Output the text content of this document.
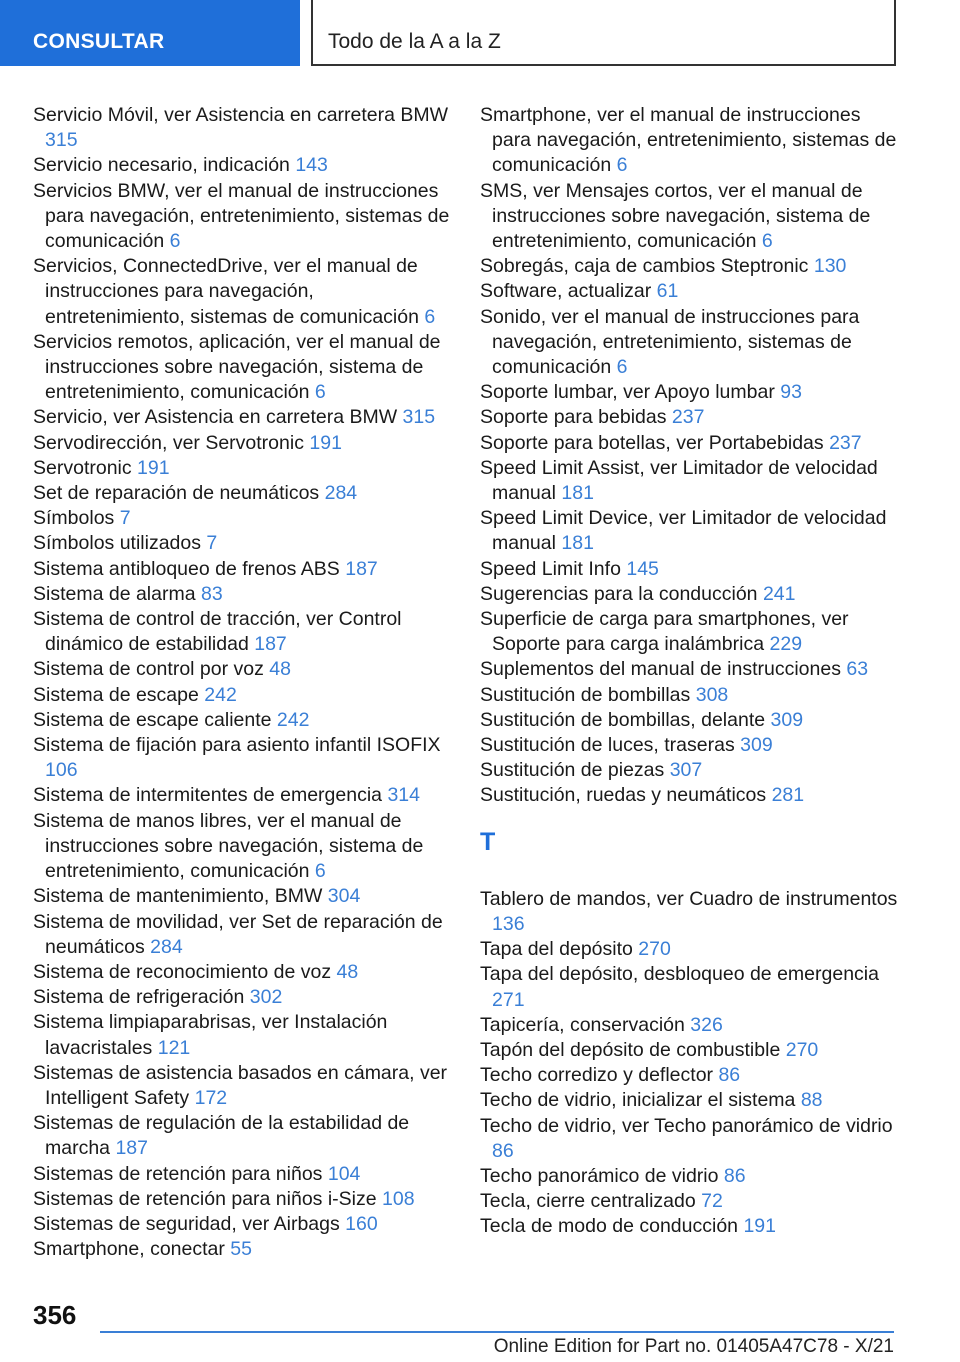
CONSULTAR	Todo de la A a la Z
Servicio Móvil, ver Asistencia en carretera BMW 315
Servicio necesario, indicación 143
Servicios BMW, ver el manual de instrucciones para navegación, entretenimiento, sistemas de comunicación 6
Servicios, ConnectedDrive, ver el manual de instrucciones para navegación, entretenimiento, sistemas de comunicación 6
Servicios remotos, aplicación, ver el manual de instrucciones sobre navegación, sistema de entretenimiento, comunicación 6
Servicio, ver Asistencia en carretera BMW 315
Servodirección, ver Servotronic 191
Servotronic 191
Set de reparación de neumáticos 284
Símbolos 7
Símbolos utilizados 7
Sistema antibloqueo de frenos ABS 187
Sistema de alarma 83
Sistema de control de tracción, ver Control dinámico de estabilidad 187
Sistema de control por voz 48
Sistema de escape 242
Sistema de escape caliente 242
Sistema de fijación para asiento infantil ISOFIX 106
Sistema de intermitentes de emergencia 314
Sistema de manos libres, ver el manual de instrucciones sobre navegación, sistema de entretenimiento, comunicación 6
Sistema de mantenimiento, BMW 304
Sistema de movilidad, ver Set de reparación de neumáticos 284
Sistema de reconocimiento de voz 48
Sistema de refrigeración 302
Sistema limpiaparabrisas, ver Instalación lavacristales 121
Sistemas de asistencia basados en cámara, ver Intelligent Safety 172
Sistemas de regulación de la estabilidad de marcha 187
Sistemas de retención para niños 104
Sistemas de retención para niños i-Size 108
Sistemas de seguridad, ver Airbags 160
Smartphone, conectar 55
Smartphone, ver el manual de instrucciones para navegación, entretenimiento, sistemas de comunicación 6
SMS, ver Mensajes cortos, ver el manual de instrucciones sobre navegación, sistema de entretenimiento, comunicación 6
Sobregás, caja de cambios Steptronic 130
Software, actualizar 61
Sonido, ver el manual de instrucciones para navegación, entretenimiento, sistemas de comunicación 6
Soporte lumbar, ver Apoyo lumbar 93
Soporte para bebidas 237
Soporte para botellas, ver Portabebidas 237
Speed Limit Assist, ver Limitador de velocidad manual 181
Speed Limit Device, ver Limitador de velocidad manual 181
Speed Limit Info 145
Sugerencias para la conducción 241
Superficie de carga para smartphones, ver Soporte para carga inalámbrica 229
Suplementos del manual de instrucciones 63
Sustitución de bombillas 308
Sustitución de bombillas, delante 309
Sustitución de luces, traseras 309
Sustitución de piezas 307
Sustitución, ruedas y neumáticos 281
T
Tablero de mandos, ver Cuadro de instrumentos 136
Tapa del depósito 270
Tapa del depósito, desbloqueo de emergencia 271
Tapicería, conservación 326
Tapón del depósito de combustible 270
Techo corredizo y deflector 86
Techo de vidrio, inicializar el sistema 88
Techo de vidrio, ver Techo panorámico de vidrio 86
Techo panorámico de vidrio 86
Tecla, cierre centralizado 72
Tecla de modo de conducción 191
356
Online Edition for Part no. 01405A47C78 - X/21
